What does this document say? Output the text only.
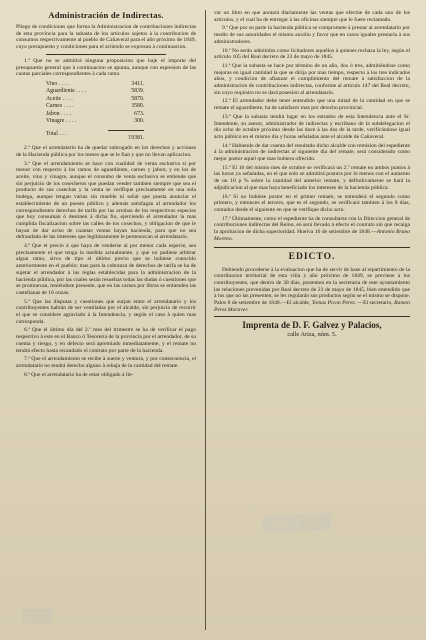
Administración de Indirectas.

Pliego de condiciones que forma la Administracion de contribuciones indirectas de esta provincia para la subasta de los articulos sujetos à la contribucion de consumos respectivamente al pueblo de Cañaveral para el año próximo de 1849, cuyo presupuesto y condiciones para el arriendo se expresan à continuacion.

1.ª Que no se admitirá ninguna proposicion que baje el importe del presupuesto general que à continuacion se apunta, aunque con espresion de las cuotas parciales correspondientes à cada ramo.

Vino . . . .	3411.
Aguardiente . . . .	5839.
Aceite . . . .	5870.
Carnes . . . .	3580.
Jabon . . . .	673.
Vinagre . . . .	300.
Total . . .	19381.

2.ª Que el arrendatario ha de quedar subrogado en los derechos y acciones de la Hacienda pública por los meses que se le fian y que no llevan aplicacion.

3.ª Que el arrendamiento se hace con cualidad de venta esclusiva si por menor con respecto à los ramos de aguardiente, carnes y jabon; y en los de aceite, vino y vinagre, aunque el consumo de venta esclusiva se entiende que sin perjuicio de los cosecheros que puedan vender tambien siempre que sea el producto de sus cosechas y la venta se verifique precisamente en una sola bodega, aunque tengan varias sin mueble ni señal que pueda anunciar el establecimiento de un puesto público y además satisfagan al arrendador los correspondientes derechos de tarifa por las arrobas de los respectivos especies que hoy consuman ó destinen à dicha fin, ejerciendo el arrendador la mas cumplida fiscalizacion sobre las calles de los cosechos, y obligacion de que le hayan de dar aviso de cuantas ventas hayan hacienda, para que no sea defraudado de las intereses que legítimamente le pertenezcan al arrendatario.

4.ª Que el precio à que haya de venderse al por menor cada especie, sea precisamente el que tenga la medida actualmente, y que no pudiese arbitrar algun ramo, sirva de tipo el último precio que se hubiese conocido anteriormente en el pueblo; mas para la cobranza de derechos de tarifa se ha de sujetar el arrendador à las reglas establecidas para la administracion de la hacienda pública, por las cuales serán resueltas todas las dudas ó cuestiones que se promuevan, teniéndose presente, que en las carnes por libras se entienden las castellanas de 16 onzas.

5.ª Que las disputas y cuestiones que surjan entre el arrendatario y los contribuyentes habrán de ser ventiladas por el alcalde, sin perjuicio de recurrir el que se considere agraviado à la Intendencia, y según el caso à quien mas corresponda.

6.ª Que el último dia del 2.º mes del trimestre se ha de verificar el pago respectivo à este en el Banco ó Tesorería de la provincia por el arrendador, de su cuenta y riesgo, y en defecto será apremiado inmediatamente, y el remate no tendrá efecto hasta recaudado el contrato por parte de la hacienda.

7.ª Que el arrendamiento se recibe à suerte y ventura, y por consecuencia, el arrendatario no tendrá derecho alguno à rebaja de la cantidad del remate.

8.ª Que el arrendatario ha de estar obligado à lle-

var un libro en que anotará diariamente las ventas que efectúe de cada uno de los artículos, y el cual ha de entregar à las oficinas siempre que le fuere reclamado.

9.ª Que por su parte la hacienda pública se compromete à prestar al arrendatario por medio de sus autoridades el mismo auxilio y favor que en casos iguales prestaría à sus administradores.

10.ª No serán admitidos como licitadores aquellos à quienes rechaza la ley, según el artículo 105 del Real decreto de 23 de mayo de 1845.

11.ª Que la subasta se hace por término de un año, dos ó tres, admitiéndose como mejoras en igual cantidad la que se dirija por mas tiempo, respecto à los tres indicados años, y condicion de afianzar el cumplimiento del remate à satisfaccion de la administracion de contribuciones indirectas, conforme al artículo 147 del Real decreto, sin cuyo requisito no se dará posesion al arrendatario.

12.ª El arrendador debe tener entendido que una mitad de la cantidad en que se remate el aguardiente, ha de satisfacer mas por derecho provincial.

13.ª Que la subasta tendrá lugar en los estrados de esta Intendencia ante el Sr. Intendente, su asesor, administrador de indirectas y escribano de la subdelegacion el dia ocho de octubre próximo desde las doce à las dos de la tarde, verificándose igual acto público en el mismo dia y horas señaladas ante el alcalde de Cañaveral.

14.ª Habiendo de dar cuenta del resultado dicho alcalde con remision del espediente à la administracion de indirectas al siguiente dia del remate, será considerado como mejor postor aquel que mas hubiera ofrecido.

15.ª El 16 del mismo mes de octubre se verificará un 2.º remate en ambos puntos à las horas ya señaladas, en el que solo se admitirá postura por lo menos con el aumento de un 10 p % sobre la cantidad del anterior remate, y definitivamente se hará la adjudicacion al que mas haya beneficiado los intereses de la hacienda pública.

16.ª Si no hubiese postor en el primer remate, se entenderá el segundo como primero, y entonces el tercero, que es el segundo, se verificará tambien à los 8 dias, contados desde el siguiente en que se verifique dicho acto.

17.ª Últimamente, como el espediente ha de consultarse con la Direccion general de contribuciones indirectas del Reino, en será llevado à efecto el contrato sin que recaiga la aprobacion de dicha superioridad. Huelva 16 de setiembre de 1848.—Antonio Bruno Moreno.

EDICTO.

Debiendo procederse à la evaluacion que ha de servir de base al repartimiento de la contribucion territorial de esta villa y año próximo de 1849, se previene à los contribuyentes, que dentro de 30 dias, presenten en la secretaría de este ayuntamiento las relaciones prevenidas por Real decreto de 23 de mayo de 1845, bien entendido que à los que no las presenten, se les regularán sus productos según se el mismo se dispone. Palos 8 de setiembre de 1848.—El alcalde, Tomas Picon Perez. —El secretario, Ramon Perez Maraver.

Imprenta de D. F. Galvez y Palacios,
calle Ariza, núm. 5.
▒▒▒▒▒▒
▒▒▒
